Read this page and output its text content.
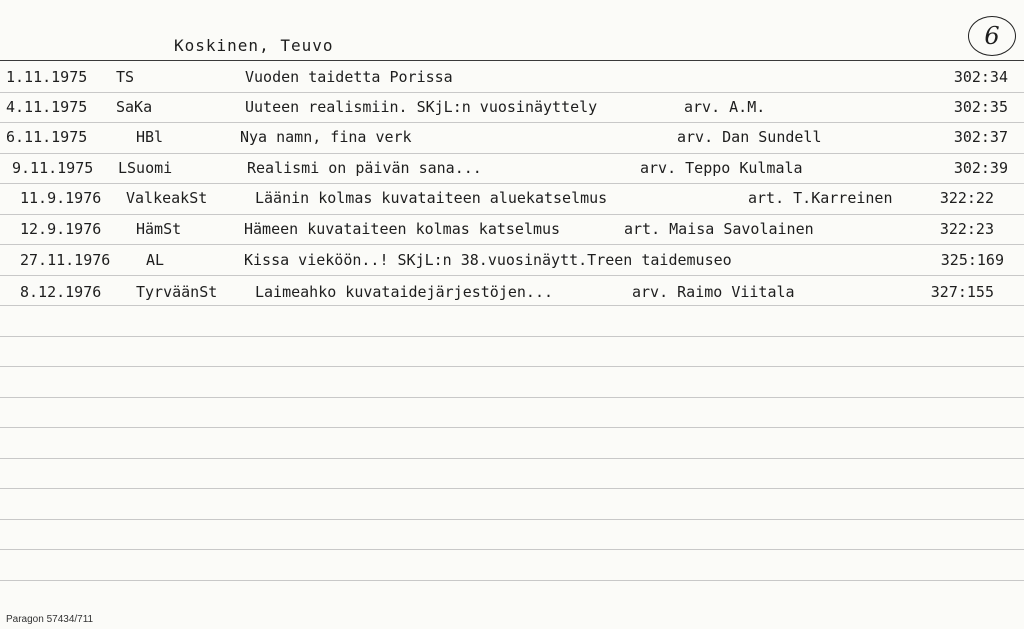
Koskinen, Teuvo	6
1.11.1975 TS	Vuoden taidetta Porissa	302:34
4.11.1975 SaKa	Uuteen realismiin. SKjL:n vuosinäyttely	arv. A.M.	302:35
6.11.1975	HBl	Nya namn, fina verk	arv. Dan Sundell	302:37
9.11.1975 LSuomi	Realismi on päivän sana...	arv. Teppo Kulmala	302:39
11.9.1976 ValkeakSt	Läänin kolmas kuvataiteen aluekatselmus	art. T.Karreinen	322:22
12.9.1976 HämSt	Hämeen kuvataiteen kolmas katselmus	art. Maisa Savolainen	322:23
27.11.1976 AL	Kissa vieköön..! SKjL:n 38.vuosinäytt.Treen taidemuseo	325:169
8.12.1976 TyrväänSt	Laimeahko kuvataidejärjestöjen...	arv. Raimo Viitala	327:155
Paragon 57434/711
